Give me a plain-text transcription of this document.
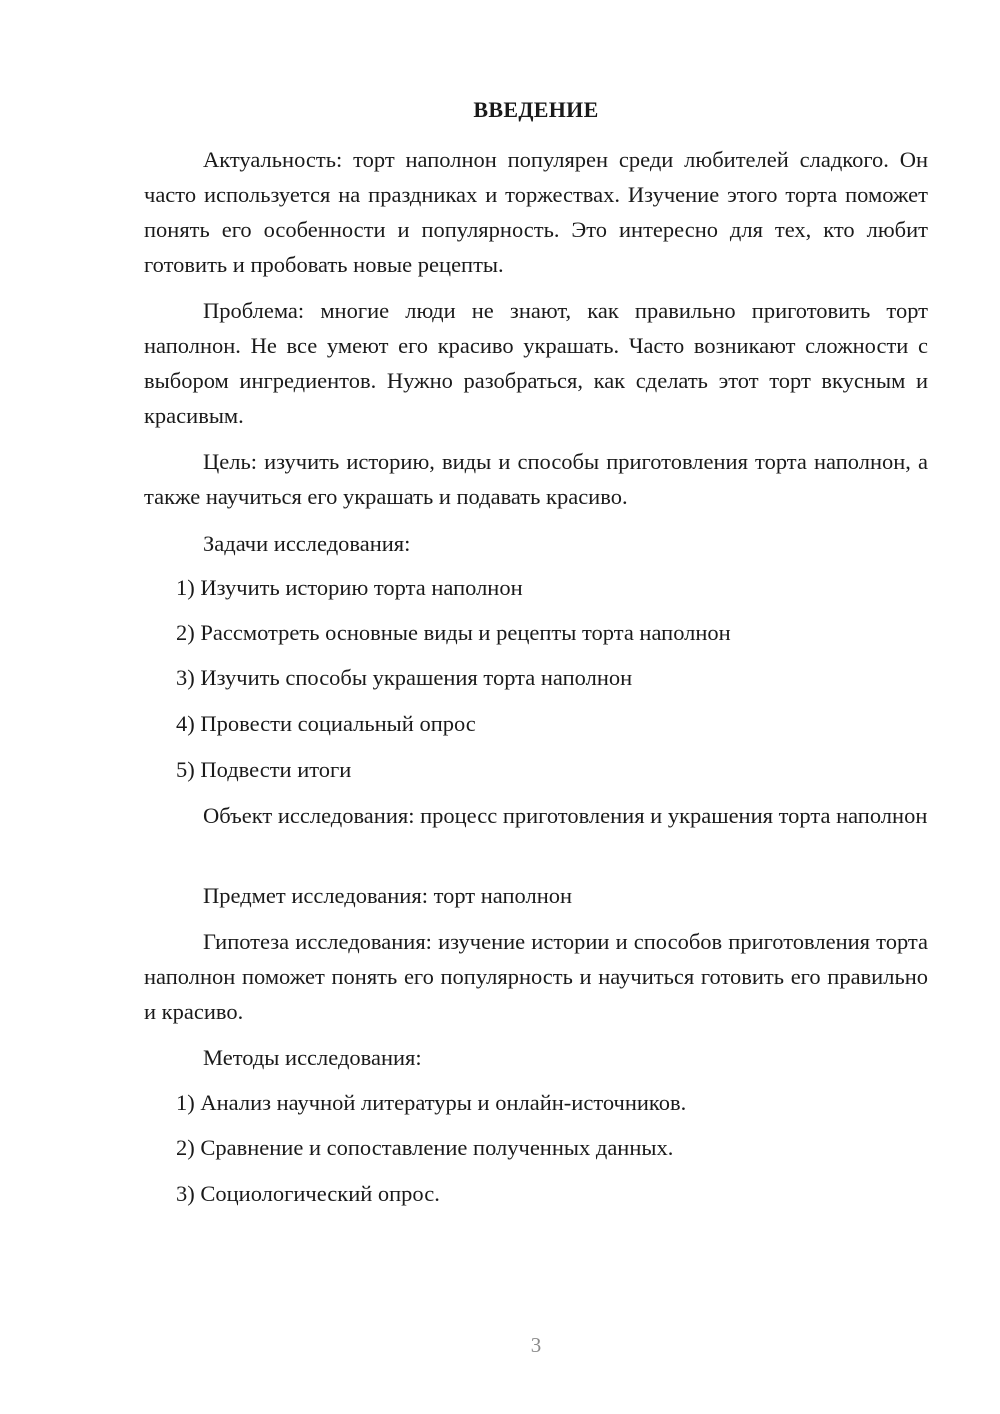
ВВЕДЕНИЕ

Актуальность: торт наполнон популярен среди любителей сладкого. Он часто используется на праздниках и торжествах. Изучение этого торта поможет понять его особенности и популярность. Это интересно для тех, кто любит готовить и пробовать новые рецепты.

Проблема: многие люди не знают, как правильно приготовить торт наполнон. Не все умеют его красиво украшать. Часто возникают сложности с выбором ингредиентов. Нужно разобраться, как сделать этот торт вкусным и красивым.

Цель: изучить историю, виды и способы приготовления торта наполнон, а также научиться его украшать и подавать красиво.

Задачи исследования:

1) Изучить историю торта наполнон

2) Рассмотреть основные виды и рецепты торта наполнон

3) Изучить способы украшения торта наполнон

4) Провести социальный опрос

5) Подвести итоги

Объект исследования: процесс приготовления и украшения торта наполнон

Предмет исследования: торт наполнон

Гипотеза исследования: изучение истории и способов приготовления торта наполнон поможет понять его популярность и научиться готовить его правильно и красиво.

Методы исследования:

1) Анализ научной литературы и онлайн-источников.

2) Сравнение и сопоставление полученных данных.

3) Социологический опрос.

3
